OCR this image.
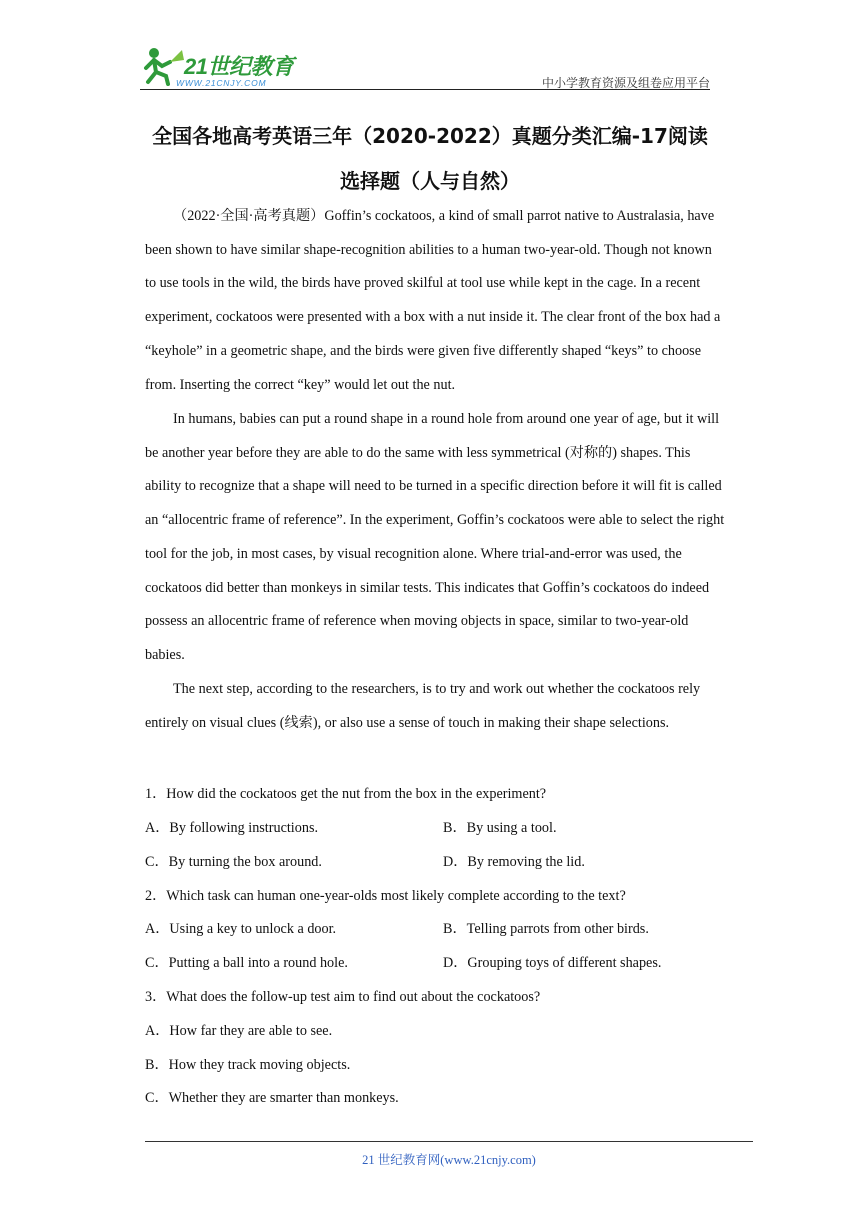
21世纪教育
WWW.21CNJY.COM	中小学教育资源及组卷应用平台
全国各地高考英语三年（2020-2022）真题分类汇编-17阅读
选择题（人与自然）

（2022·全国·高考真题）Goffin’s cockatoos, a kind of small parrot native to Australasia, have been shown to have similar shape-recognition abilities to a human two-year-old. Though not known to use tools in the wild, the birds have proved skilful at tool use while kept in the cage. In a recent experiment, cockatoos were presented with a box with a nut inside it. The clear front of the box had a “keyhole” in a geometric shape, and the birds were given five differently shaped “keys” to choose from. Inserting the correct “key” would let out the nut.

In humans, babies can put a round shape in a round hole from around one year of age, but it will be another year before they are able to do the same with less symmetrical (对称的) shapes. This ability to recognize that a shape will need to be turned in a specific direction before it will fit is called an “allocentric frame of reference”. In the experiment, Goffin’s cockatoos were able to select the right tool for the job, in most cases, by visual recognition alone. Where trial-and-error was used, the cockatoos did better than monkeys in similar tests. This indicates that Goffin’s cockatoos do indeed possess an allocentric frame of reference when moving objects in space, similar to two-year-old babies.

The next step, according to the researchers, is to try and work out whether the cockatoos rely entirely on visual clues (线索), or also use a sense of touch in making their shape selections.

1．How did the cockatoos get the nut from the box in the experiment?
A．By following instructions.	B．By using a tool.
C．By turning the box around.	D．By removing the lid.
2．Which task can human one-year-olds most likely complete according to the text?
A．Using a key to unlock a door.	B．Telling parrots from other birds.
C．Putting a ball into a round hole.	D．Grouping toys of different shapes.
3．What does the follow-up test aim to find out about the cockatoos?
A．How far they are able to see.
B．How they track moving objects.
C．Whether they are smarter than monkeys.
21 世纪教育网(www.21cnjy.com)
